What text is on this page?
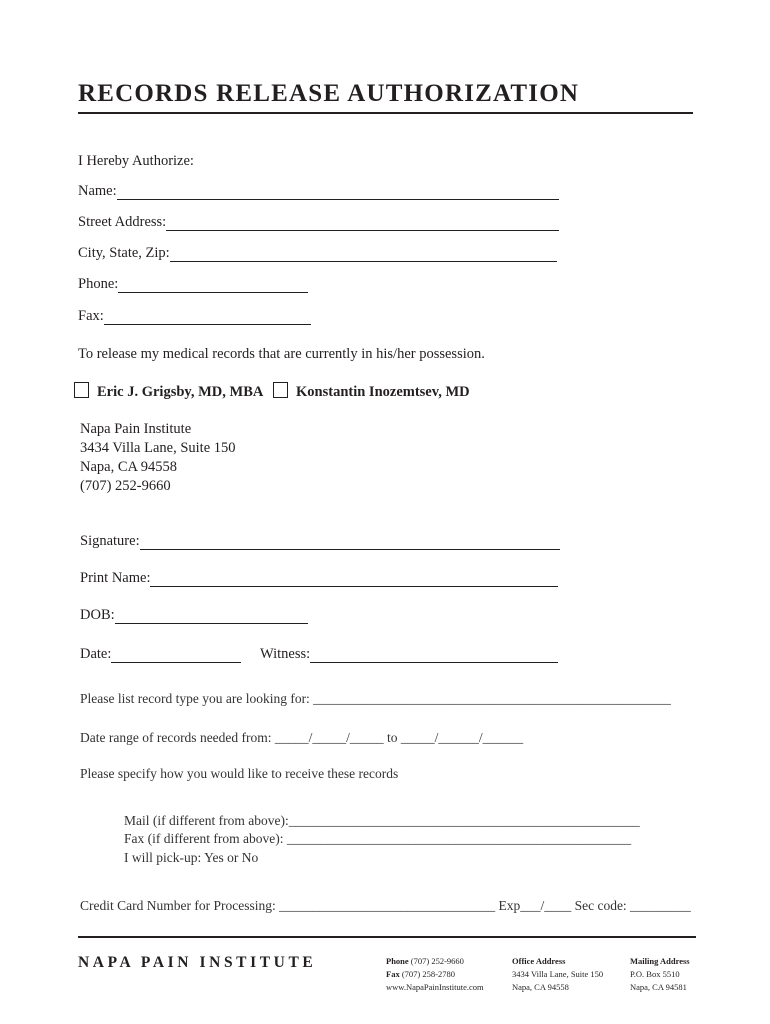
RECORDS RELEASE AUTHORIZATION
I Hereby Authorize:
Name:
Street Address:
City, State, Zip:
Phone:
Fax:
To release my medical records that are currently in his/her possession.
Eric J. Grigsby, MD, MBA	Konstantin Inozemtsev, MD
Napa Pain Institute
3434 Villa Lane, Suite 150
Napa, CA 94558
(707) 252-9660
Signature:
Print Name:
DOB:
Date:	Witness:
Please list record type you are looking for: _____________________________________________________
Date range of records needed from: _____/_____/_____ to _____/______/______
Please specify how you would like to receive these records
Mail (if different from above):____________________________________________________
Fax (if different from above): ___________________________________________________
I will pick-up: Yes or No
Credit Card Number for Processing: ________________________________ Exp___/____ Sec code: _________
NAPA PAIN INSTITUTE	Phone (707) 252-9660
Fax (707) 258-2780
www.NapaPainInstitute.com
Office Address
3434 Villa Lane, Suite 150
Napa, CA 94558
Mailing Address
P.O. Box 5510
Napa, CA 94581
